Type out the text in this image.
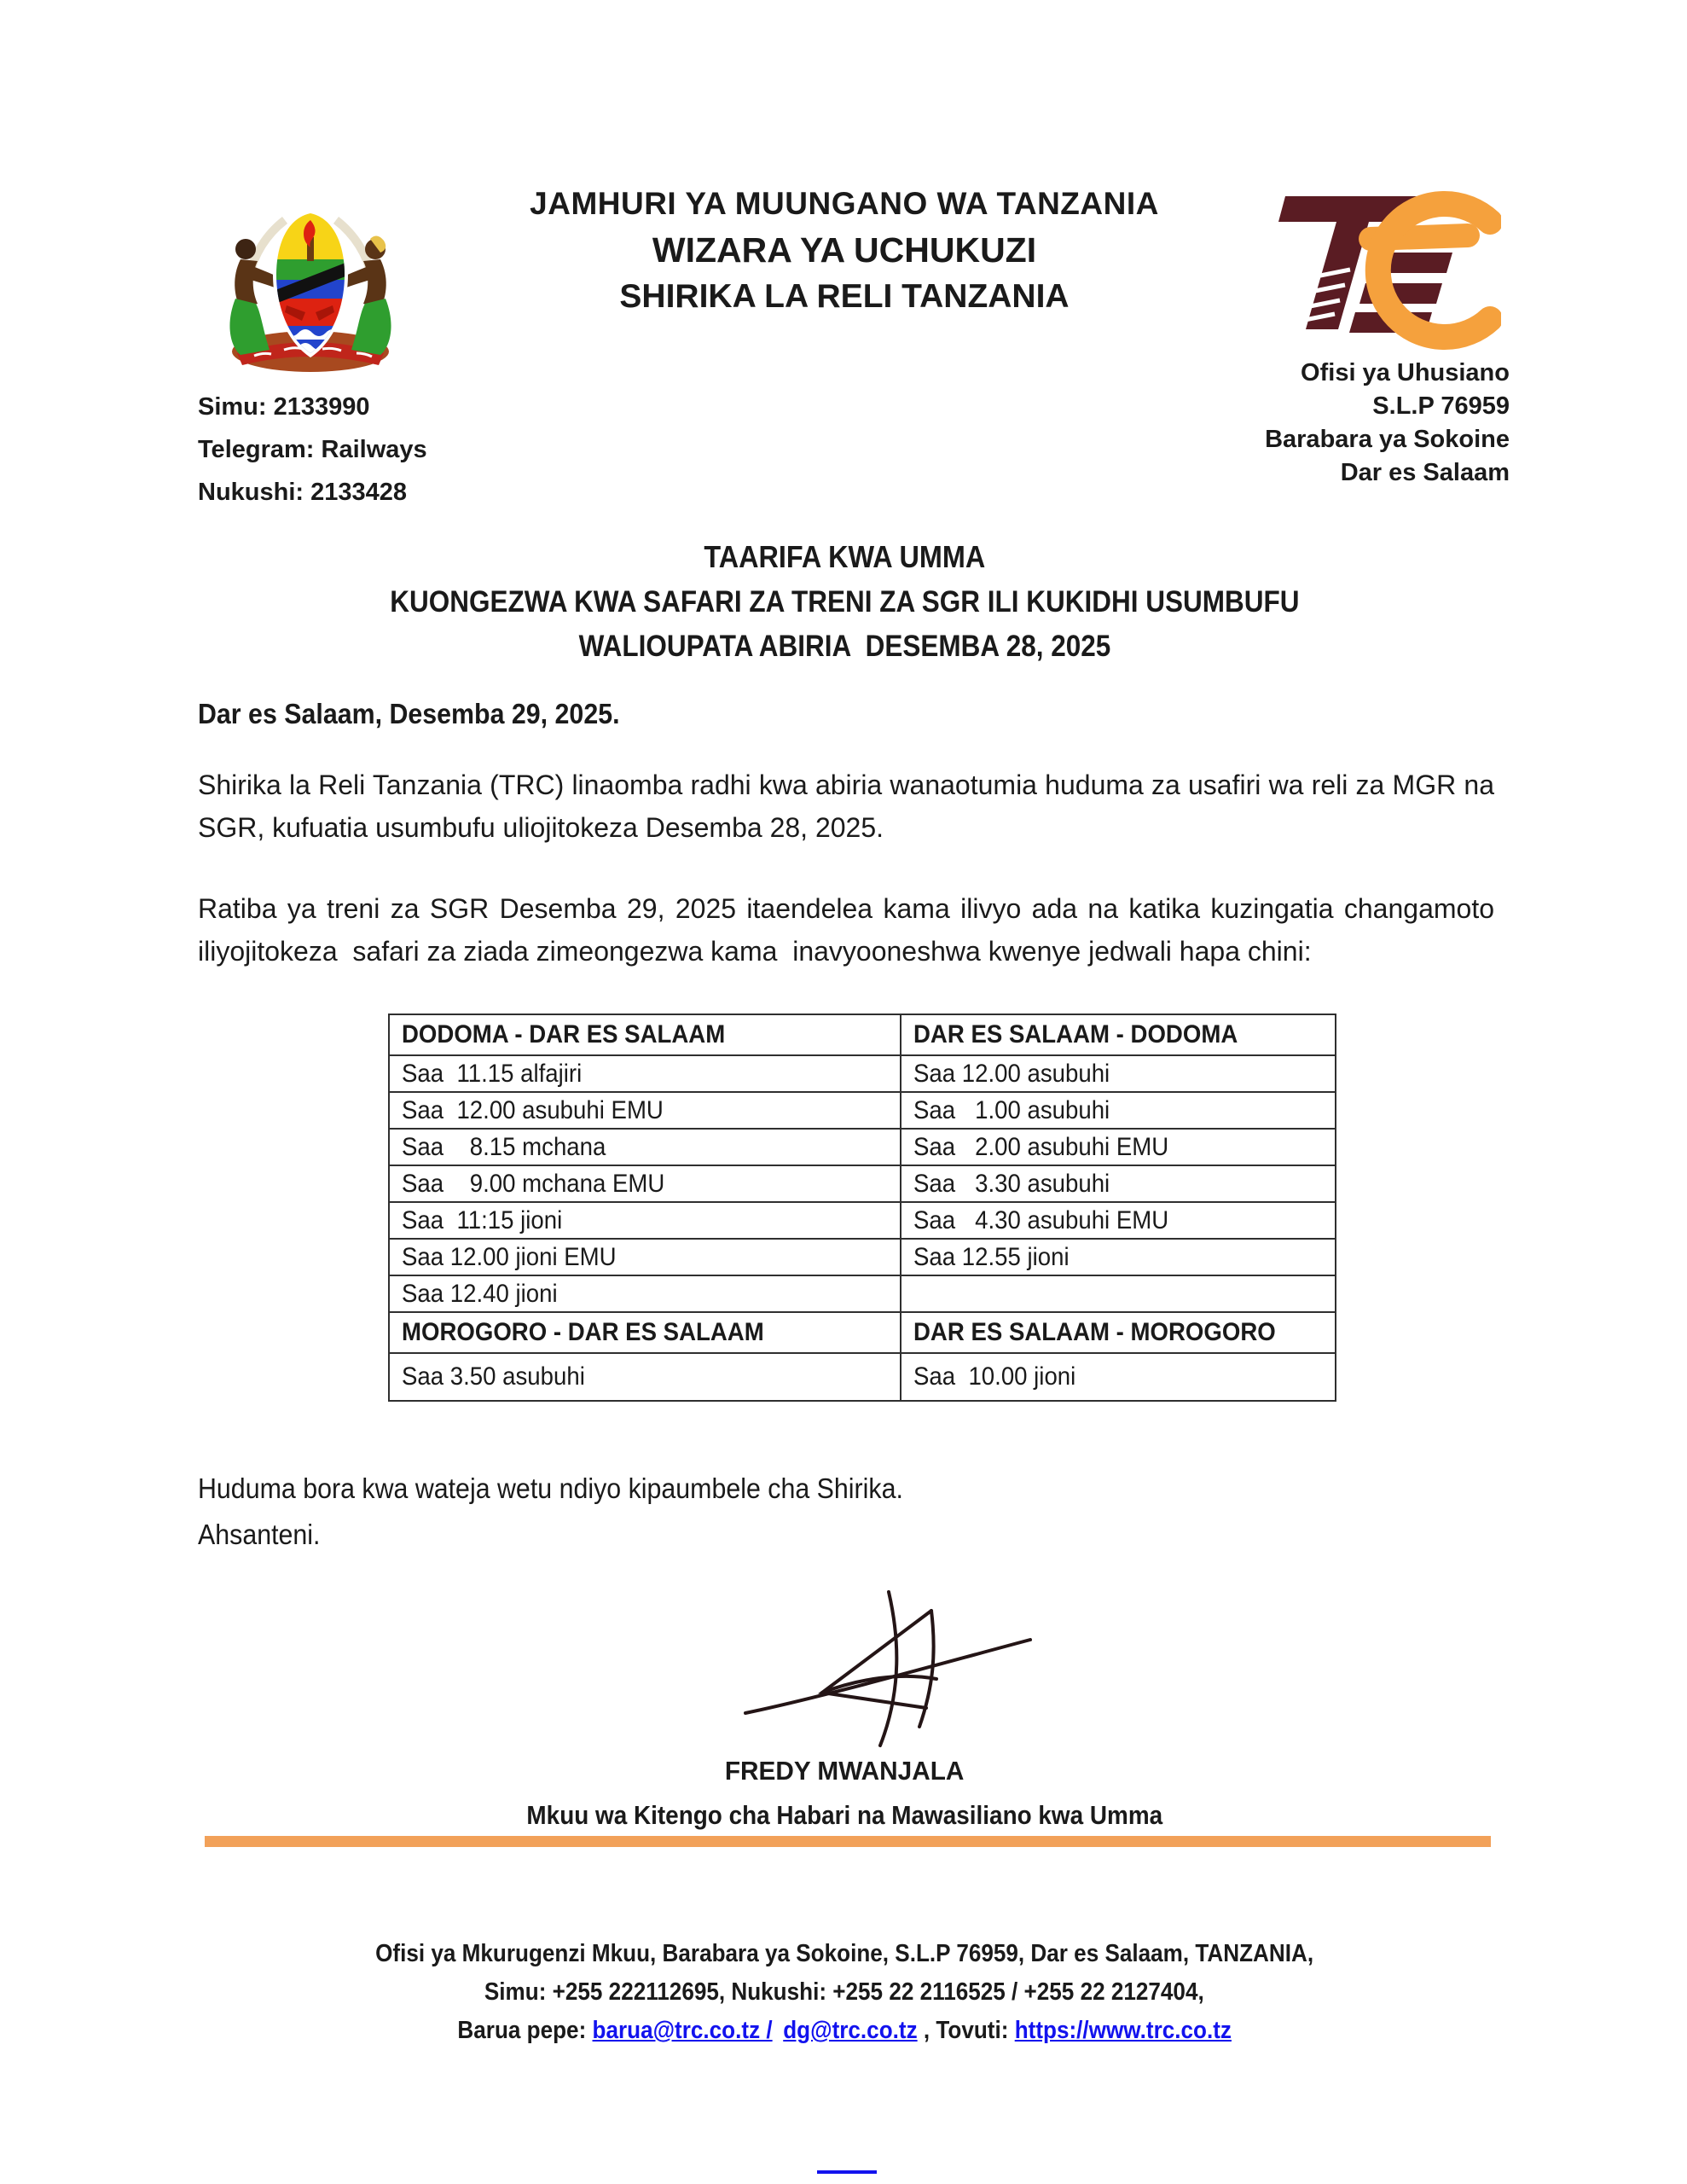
JAMHURI YA MUUNGANO WA TANZANIA
WIZARA YA UCHUKUZI
SHIRIKA LA RELI TANZANIA
Simu: 2133990
Telegram: Railways
Nukushi: 2133428
Ofisi ya Uhusiano
S.L.P 76959
Barabara ya Sokoine
Dar es Salaam
TAARIFA KWA UMMA
KUONGEZWA KWA SAFARI ZA TRENI ZA SGR ILI KUKIDHI USUMBUFU
WALIOUPATA ABIRIA  DESEMBA 28, 2025
Dar es Salaam, Desemba 29, 2025.

Shirika la Reli Tanzania (TRC) linaomba radhi kwa abiria wanaotumia huduma za usafiri wa reli za MGR na SGR, kufuatia usumbufu uliojitokeza Desemba 28, 2025.

Ratiba ya treni za SGR Desemba 29, 2025 itaendelea kama ilivyo ada na katika kuzingatia changamoto iliyojitokeza  safari za ziada zimeongezwa kama  inavyooneshwa kwenye jedwali hapa chini:

DODOMA - DAR ES SALAAM	DAR ES SALAAM - DODOMA
Saa  11.15 alfajiri	Saa 12.00 asubuhi
Saa  12.00 asubuhi EMU	Saa   1.00 asubuhi
Saa    8.15 mchana	Saa   2.00 asubuhi EMU
Saa    9.00 mchana EMU	Saa   3.30 asubuhi
Saa  11:15 jioni	Saa   4.30 asubuhi EMU
Saa 12.00 jioni EMU	Saa 12.55 jioni
Saa 12.40 jioni	
MOROGORO - DAR ES SALAAM	DAR ES SALAAM - MOROGORO
Saa 3.50 asubuhi	Saa  10.00 jioni
Huduma bora kwa wateja wetu ndiyo kipaumbele cha Shirika.
Ahsanteni.
FREDY MWANJALA
Mkuu wa Kitengo cha Habari na Mawasiliano kwa Umma
Ofisi ya Mkurugenzi Mkuu, Barabara ya Sokoine, S.L.P 76959, Dar es Salaam, TANZANIA,
Simu: +255 222112695, Nukushi: +255 22 2116525 / +255 22 2127404,
Barua pepe: barua@trc.co.tz / dg@trc.co.tz , Tovuti: https://www.trc.co.tz
